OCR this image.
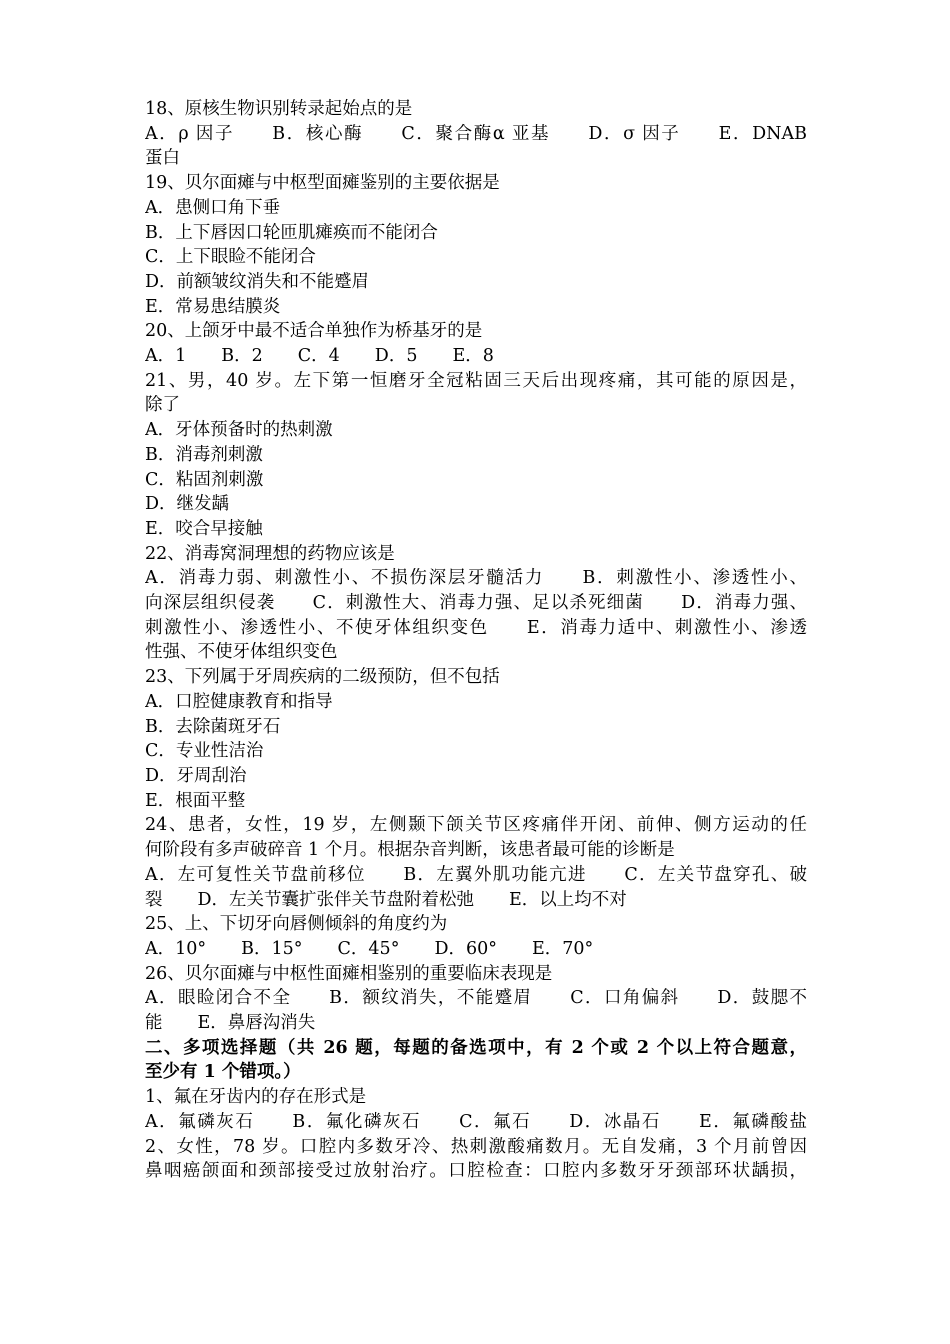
18、原核生物识别转录起始点的是
A．ρ 因子　　B．核心酶　　C．聚合酶α 亚基　　D．σ 因子　　E．DNAB
蛋白
19、贝尔面瘫与中枢型面瘫鉴别的主要依据是
A．患侧口角下垂
B．上下唇因口轮匝肌瘫痪而不能闭合
C．上下眼睑不能闭合
D．前额皱纹消失和不能蹙眉
E．常易患结膜炎
20、上颌牙中最不适合单独作为桥基牙的是
A．1　　B．2　　C．4　　D．5　　E．8
21、男，40 岁。左下第一恒磨牙全冠粘固三天后出现疼痛，其可能的原因是，
除了
A．牙体预备时的热刺激
B．消毒剂刺激
C．粘固剂刺激
D．继发龋
E．咬合早接触
22、消毒窝洞理想的药物应该是
A．消毒力弱、刺激性小、不损伤深层牙髓活力　　B．刺激性小、渗透性小、
向深层组织侵袭　　C．刺激性大、消毒力强、足以杀死细菌　　D．消毒力强、
刺激性小、渗透性小、不使牙体组织变色　　E．消毒力适中、刺激性小、渗透
性强、不使牙体组织变色
23、下列属于牙周疾病的二级预防，但不包括
A．口腔健康教育和指导
B．去除菌斑牙石
C．专业性洁治
D．牙周刮治
E．根面平整
24、患者，女性，19 岁，左侧颞下颌关节区疼痛伴开闭、前伸、侧方运动的任
何阶段有多声破碎音 1 个月。根据杂音判断，该患者最可能的诊断是
A．左可复性关节盘前移位　　B．左翼外肌功能亢进　　C．左关节盘穿孔、破
裂　　D．左关节囊扩张伴关节盘附着松弛　　E．以上均不对
25、上、下切牙向唇侧倾斜的角度约为
A．10°　　B．15°　　C．45°　　D．60°　　E．70°
26、贝尔面瘫与中枢性面瘫相鉴别的重要临床表现是
A．眼睑闭合不全　　B．额纹消失，不能蹙眉　　C．口角偏斜　　D．鼓腮不
能　　E．鼻唇沟消失
二、多项选择题（共 26 题，每题的备选项中，有 2 个或 2 个以上符合题意，
至少有 1 个错项。）
1、氟在牙齿内的存在形式是
A．氟磷灰石　　B．氟化磷灰石　　C．氟石　　D．冰晶石　　E．氟磷酸盐
2、女性，78 岁。口腔内多数牙冷、热刺激酸痛数月。无自发痛，3 个月前曾因
鼻咽癌颌面和颈部接受过放射治疗。口腔检查：口腔内多数牙牙颈部环状龋损，
